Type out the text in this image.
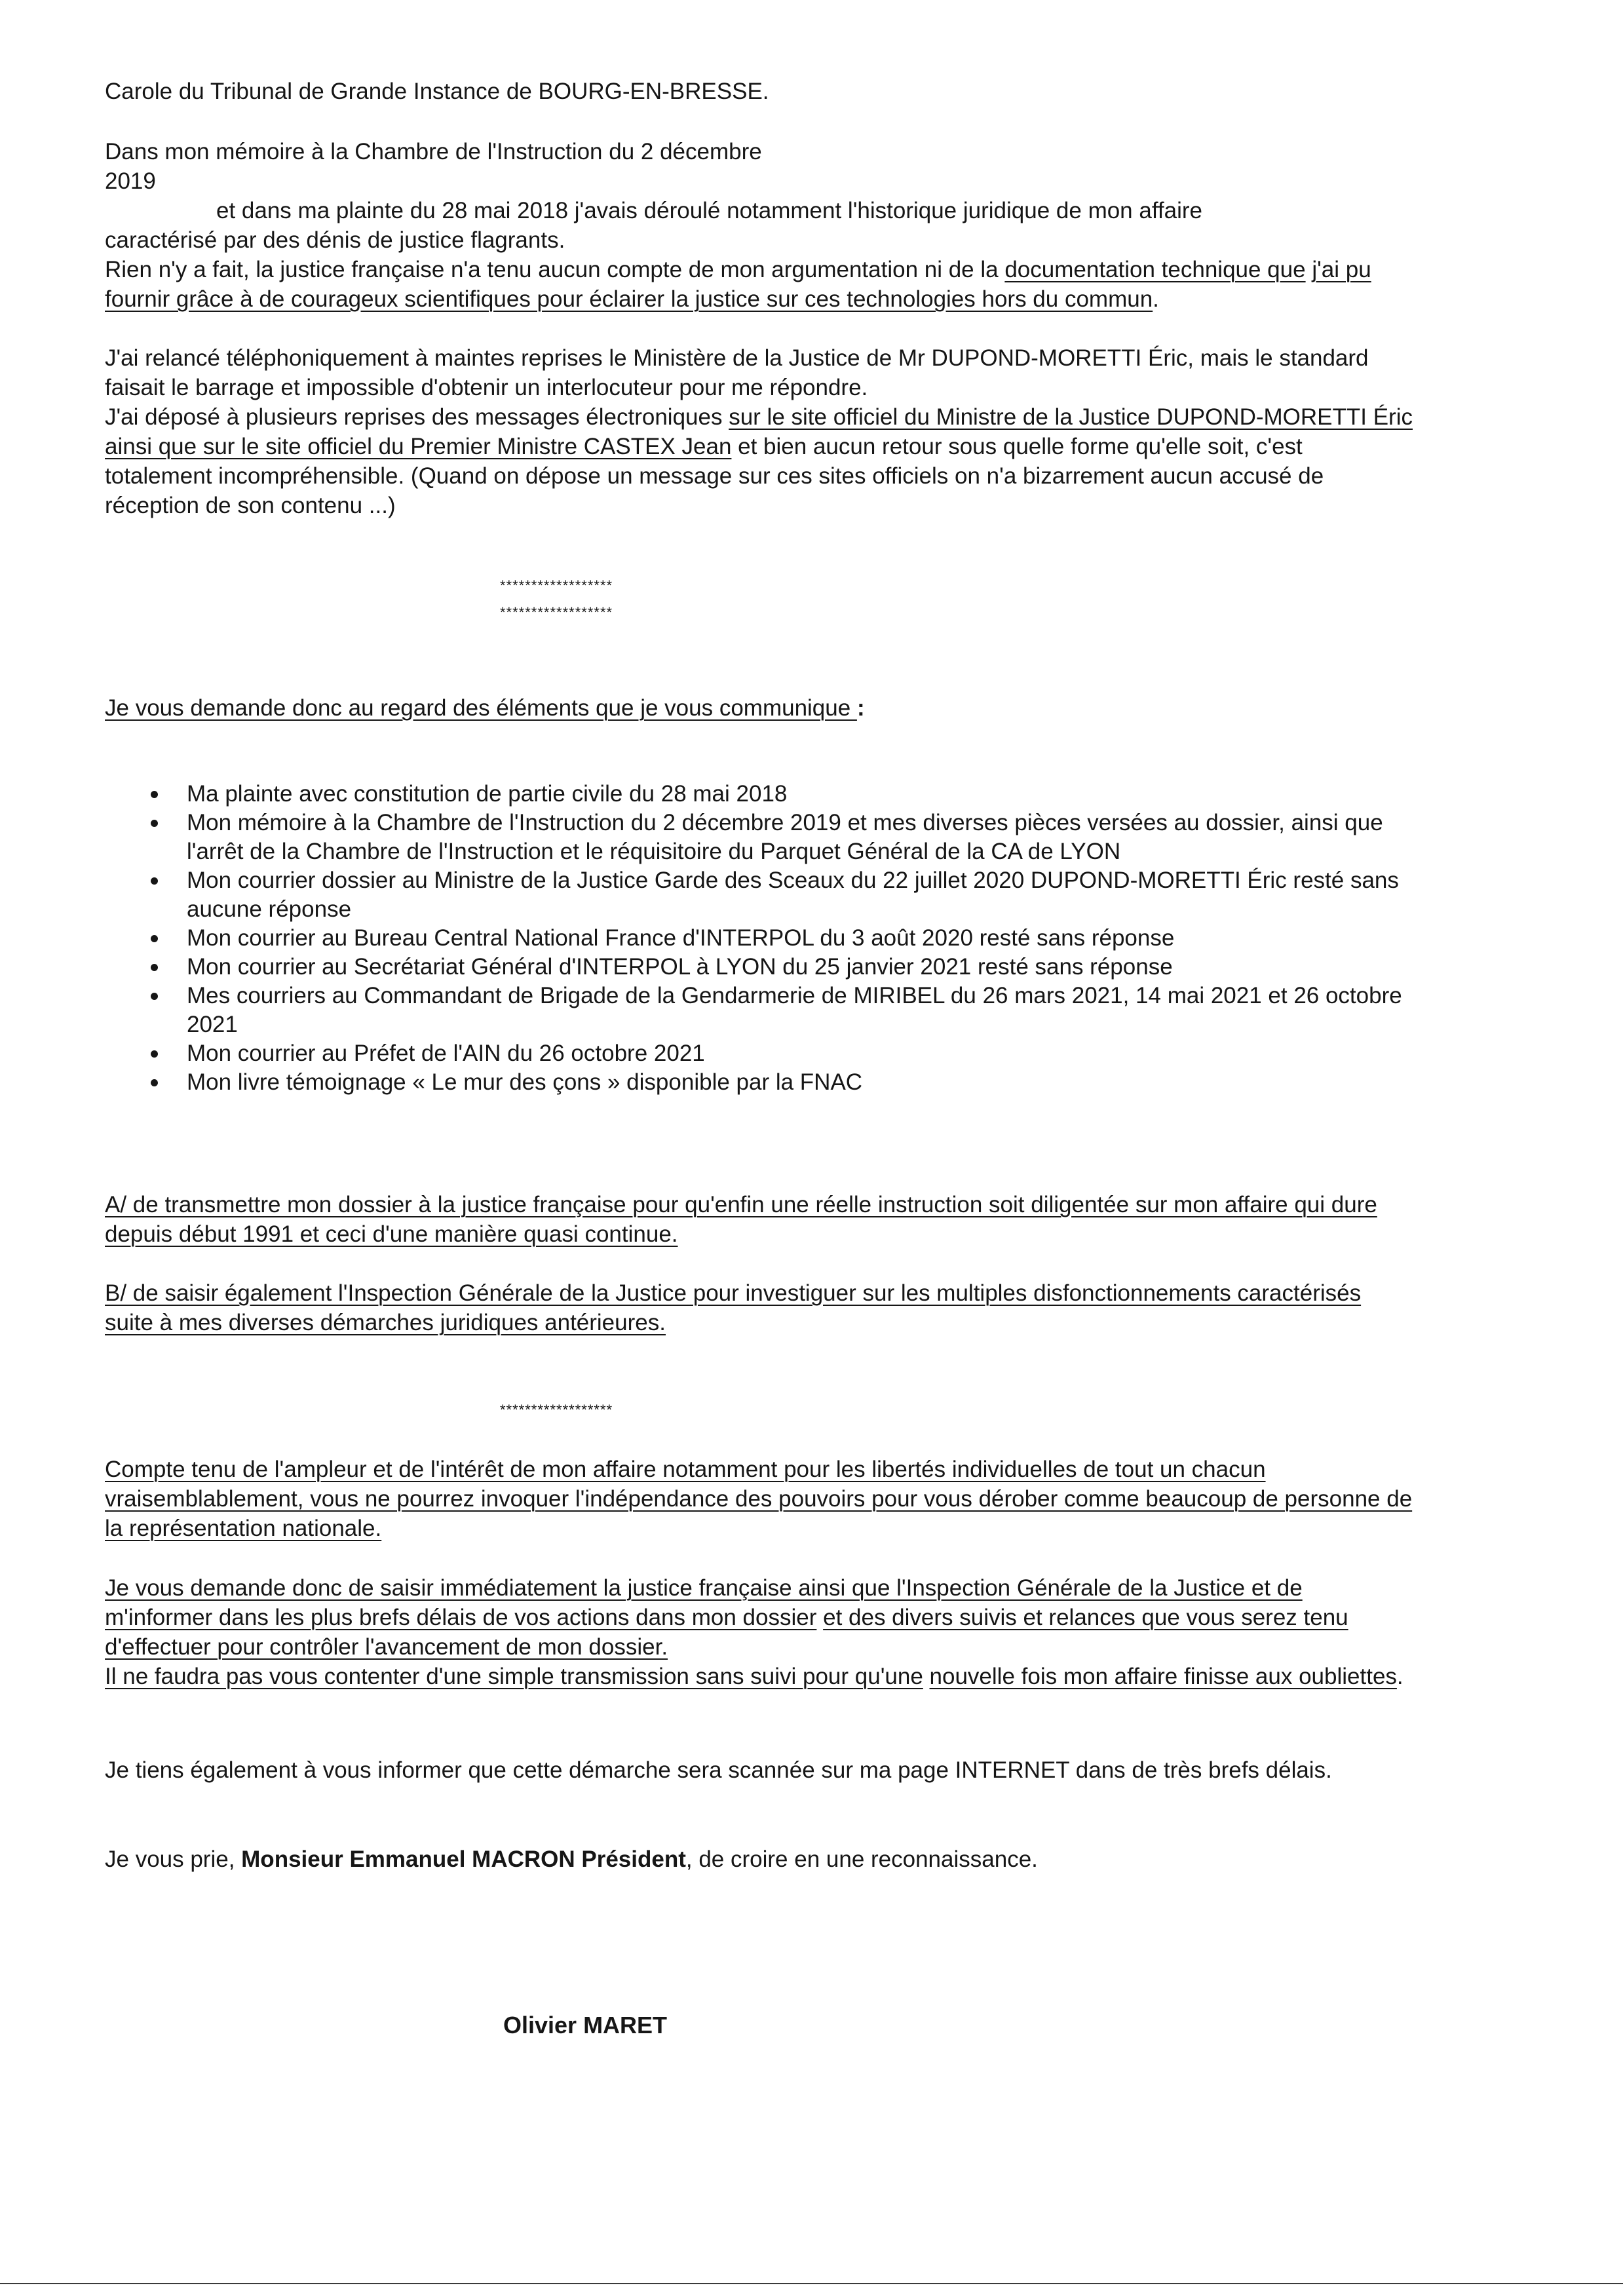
Carole du Tribunal de Grande Instance de BOURG-EN-BRESSE.

Dans mon mémoire à la Chambre de l'Instruction du 2 décembre
2019
et dans ma plainte du 28 mai 2018 j'avais déroulé notamment l'historique juridique de mon affaire
caractérisé par des dénis de justice flagrants.

Rien n'y a fait, la justice française n'a tenu aucun compte de mon argumentation ni de la documentation technique que j'ai pu fournir grâce à de courageux scientifiques pour éclairer la justice sur ces technologies hors du commun.

J'ai relancé téléphoniquement à maintes reprises le Ministère de la Justice de Mr DUPOND-MORETTI Éric, mais le standard faisait le barrage et impossible d'obtenir un interlocuteur pour me répondre.

J'ai déposé à plusieurs reprises des messages électroniques sur le site officiel du Ministre de la Justice DUPOND-MORETTI Éric ainsi que sur le site officiel du Premier Ministre CASTEX Jean et bien aucun retour sous quelle forme qu'elle soit, c'est totalement incompréhensible. (Quand on dépose un message sur ces sites officiels on n'a bizarrement aucun accusé de réception de son contenu ...)

******************

******************

Je vous demande donc au regard des éléments que je vous communique :

Ma plainte avec constitution de partie civile du 28 mai 2018
Mon mémoire à la Chambre de l'Instruction du 2 décembre 2019 et mes diverses pièces versées au dossier, ainsi que l'arrêt de la Chambre de l'Instruction et le réquisitoire du Parquet Général de la CA de LYON
Mon courrier dossier au Ministre de la Justice Garde des Sceaux du 22 juillet 2020 DUPOND-MORETTI Éric resté sans aucune réponse
Mon courrier au Bureau Central National France d'INTERPOL du 3 août 2020 resté sans réponse
Mon courrier au Secrétariat Général d'INTERPOL à LYON du 25 janvier 2021 resté sans réponse
Mes courriers au Commandant de Brigade de la Gendarmerie de MIRIBEL du 26 mars 2021, 14 mai 2021 et 26 octobre 2021
Mon courrier au Préfet de l'AIN du 26 octobre 2021
Mon livre témoignage « Le mur des çons » disponible par la FNAC

A/ de transmettre mon dossier à la justice française pour qu'enfin une réelle instruction soit diligentée sur mon affaire qui dure depuis début 1991 et ceci d'une manière quasi continue.

B/ de saisir également l'Inspection Générale de la Justice pour investiguer sur les multiples disfonctionnements caractérisés suite à mes diverses démarches juridiques antérieures.

******************

Compte tenu de l'ampleur et de l'intérêt de mon affaire notamment pour les libertés individuelles de tout un chacun vraisemblablement, vous ne pourrez invoquer l'indépendance des pouvoirs pour vous dérober comme beaucoup de personne de la représentation nationale.

Je vous demande donc de saisir immédiatement la justice française ainsi que l'Inspection Générale de la Justice et de m'informer dans les plus brefs délais de vos actions dans mon dossier et des divers suivis et relances que vous serez tenu d'effectuer pour contrôler l'avancement de mon dossier.
Il ne faudra pas vous contenter d'une simple transmission sans suivi pour qu'une nouvelle fois mon affaire finisse aux oubliettes.

Je tiens également à vous informer que cette démarche sera scannée sur ma page INTERNET dans de très brefs délais.

Je vous prie, Monsieur Emmanuel MACRON Président, de croire en une reconnaissance.

Olivier MARET
